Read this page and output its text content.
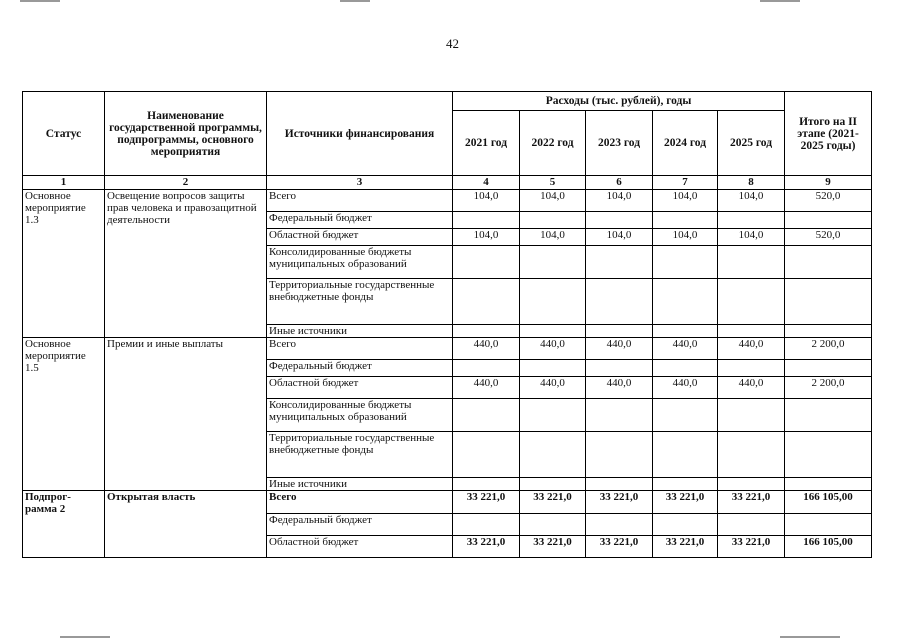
42
Статус	Наименование государственной программы, подпрограммы, основного мероприятия	Источники финансирования	Расходы (тыс. рублей), годы					Итого на II этапе (2021-2025 годы)
			2021 год	2022 год	2023 год	2024 год	2025 год	
1	2	3	4	5	6	7	8	9
Основное мероприятие 1.3	Освещение вопросов защиты прав человека и правозащитной деятельности	Всего	104,0	104,0	104,0	104,0	104,0	520,0
		Федеральный бюджет						
		Областной бюджет	104,0	104,0	104,0	104,0	104,0	520,0
		Консолидированные бюджеты муниципальных образований						
		Территориальные государственные внебюджетные фонды						
		Иные источники						
Основное мероприятие 1.5	Премии и иные выплаты	Всего	440,0	440,0	440,0	440,0	440,0	2 200,0
		Федеральный бюджет						
		Областной бюджет	440,0	440,0	440,0	440,0	440,0	2 200,0
		Консолидированные бюджеты муниципальных образований						
		Территориальные государственные внебюджетные фонды						
		Иные источники						
Подпрог- рамма 2	Открытая власть	Всего	33 221,0	33 221,0	33 221,0	33 221,0	33 221,0	166 105,00
		Федеральный бюджет						
		Областной бюджет	33 221,0	33 221,0	33 221,0	33 221,0	33 221,0	166 105,00
